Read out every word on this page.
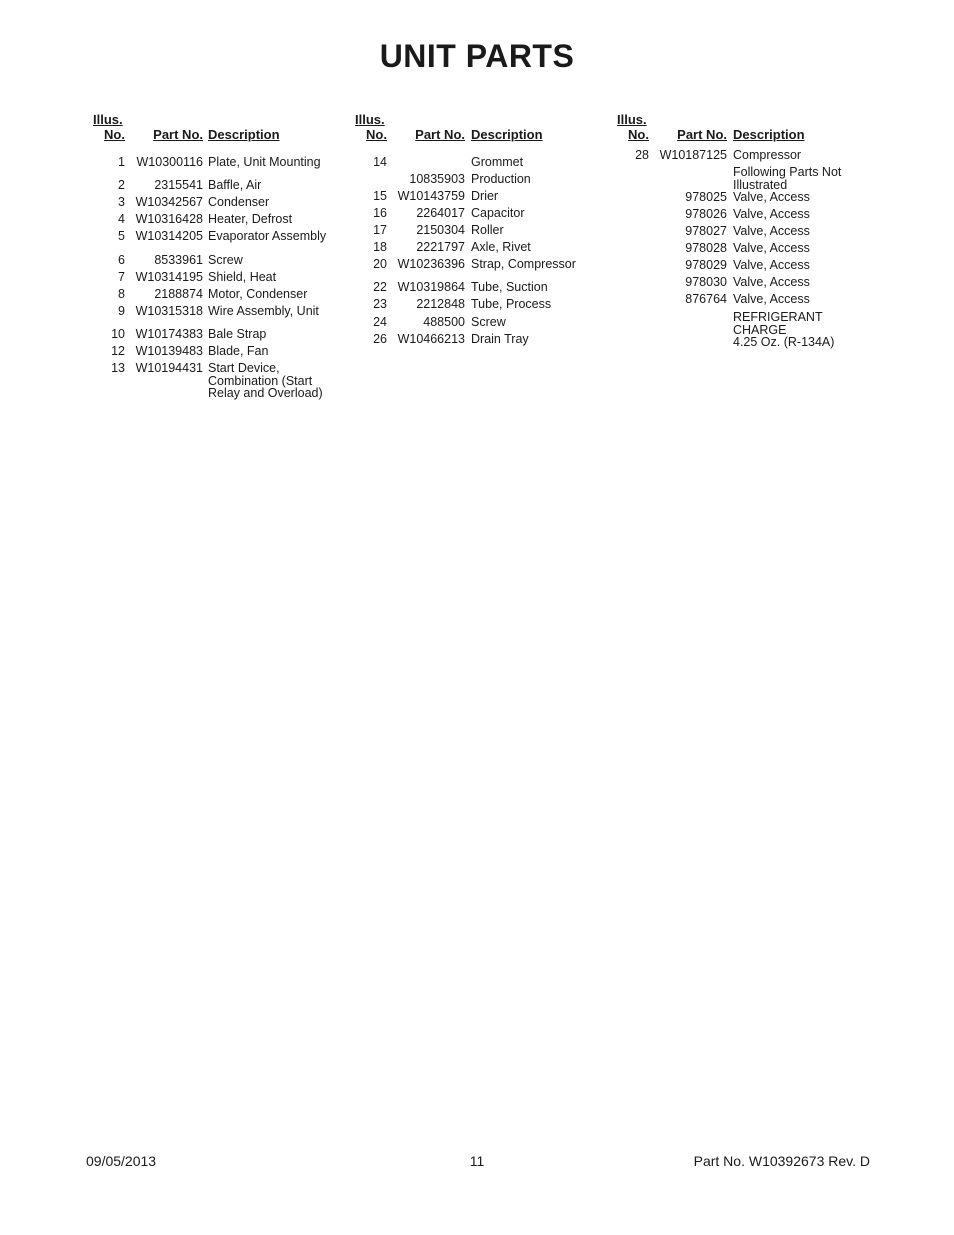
UNIT PARTS
Illus.
No. Part No. Description
1 W10300116 Plate, Unit Mounting
2 2315541 Baffle, Air
3 W10342567 Condenser
4 W10316428 Heater, Defrost
5 W10314205 Evaporator Assembly
6 8533961 Screw
7 W10314195 Shield, Heat
8 2188874 Motor, Condenser
9 W10315318 Wire Assembly, Unit
10 W10174383 Bale Strap
12 W10139483 Blade, Fan
13 W10194431 Start Device,
Combination (Start
Relay and Overload)
Illus.
No. Part No. Description
14	Grommet
10835903 Production
15 W10143759 Drier
16 2264017 Capacitor
17 2150304 Roller
18 2221797 Axle, Rivet
20 W10236396 Strap, Compressor
22 W10319864 Tube, Suction
23 2212848 Tube, Process
24	488500 Screw
26 W10466213 Drain Tray
Illus.
No. Part No. Description
28 W10187125 Compressor
Following Parts Not
Illustrated
978025 Valve, Access
978026 Valve, Access
978027 Valve, Access
978028 Valve, Access
978029 Valve, Access
978030 Valve, Access
876764 Valve, Access
REFRIGERANT
CHARGE
4.25 Oz. (R-134A)
09/05/2013	11	Part No. W10392673 Rev. D
